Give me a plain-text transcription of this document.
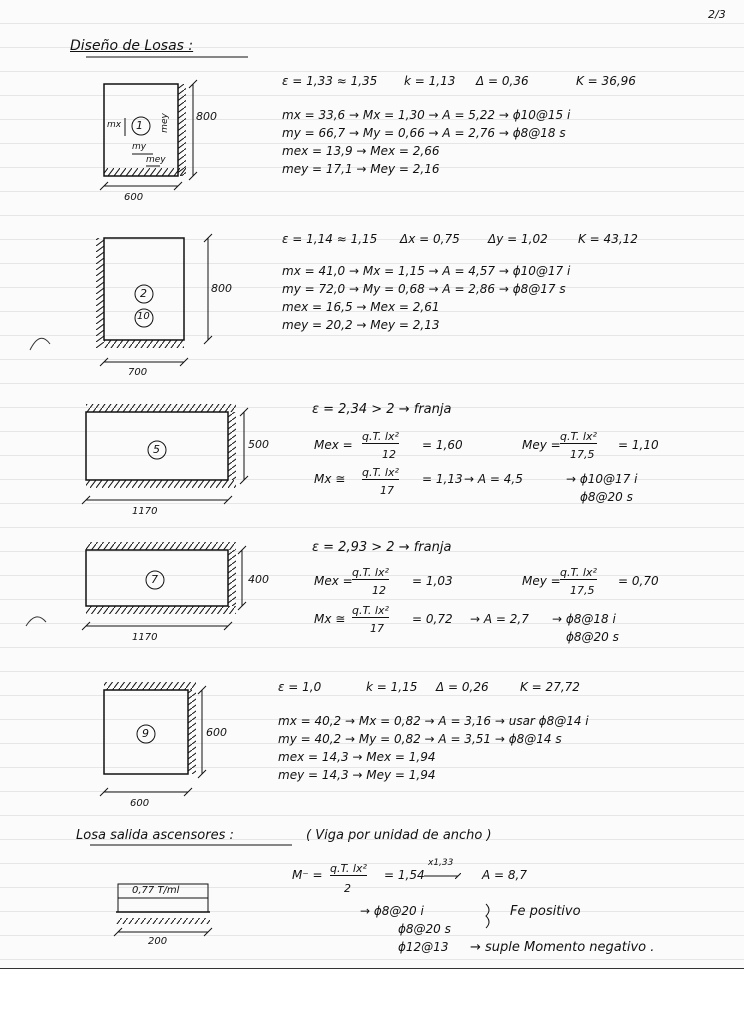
2/3
Diseño de Losas :
1
800
600
mx	mey
my
mey
ε = 1,33 ≈ 1,35 k = 1,13 Δ = 0,36	K = 36,96
mx = 33,6 → Mx = 1,30 → A = 5,22 → ϕ10@15 i
my = 66,7 → My = 0,66 → A = 2,76 → ϕ8@18 s
mex = 13,9 → Mex = 2,66
mey = 17,1 → Mey = 2,16
2
10
800
700
ε = 1,14 ≈ 1,15 Δx = 0,75 Δy = 1,02	K = 43,12
mx = 41,0 → Mx = 1,15 → A = 4,57 → ϕ10@17 i
my = 72,0 → My = 0,68 → A = 2,86 → ϕ8@17 s
mex = 16,5 → Mex = 2,61
mey = 20,2 → Mey = 2,13
5	500
1170
ε = 2,34 > 2 → franja
Mex =
q.T. lx²
12
= 1,60	Mey =
q.T. lx²
17,5
= 1,10
Mx ≅ q.T. lx²
17
= 1,13 → A = 4,5	→ ϕ10@17 i
ϕ8@20 s
7	400
1170
ε = 2,93 > 2 → franja
Mex =
q.T. lx²
12
= 1,03	Mey =
q.T. lx²
17,5
= 0,70
Mx ≅
q.T. lx²
17
= 0,72 → A = 2,7 → ϕ8@18 i
ϕ8@20 s
9	600
600
ε = 1,0	k = 1,15 Δ = 0,26	K = 27,72
mx = 40,2 → Mx = 0,82 → A = 3,16 → usar ϕ8@14 i
my = 40,2 → My = 0,82 → A = 3,51 → ϕ8@14 s
mex = 14,3 → Mex = 1,94
mey = 14,3 → Mey = 1,94
Losa salida ascensores :	( Viga por unidad de ancho )
0,77 T/ml
200
M⁻ = q.T. lx²
2
= 1,54
x1,33
A = 8,7
→ ϕ8@20 i
ϕ8@20 s
ϕ12@13
Fe positivo
→ suple Momento negativo .
